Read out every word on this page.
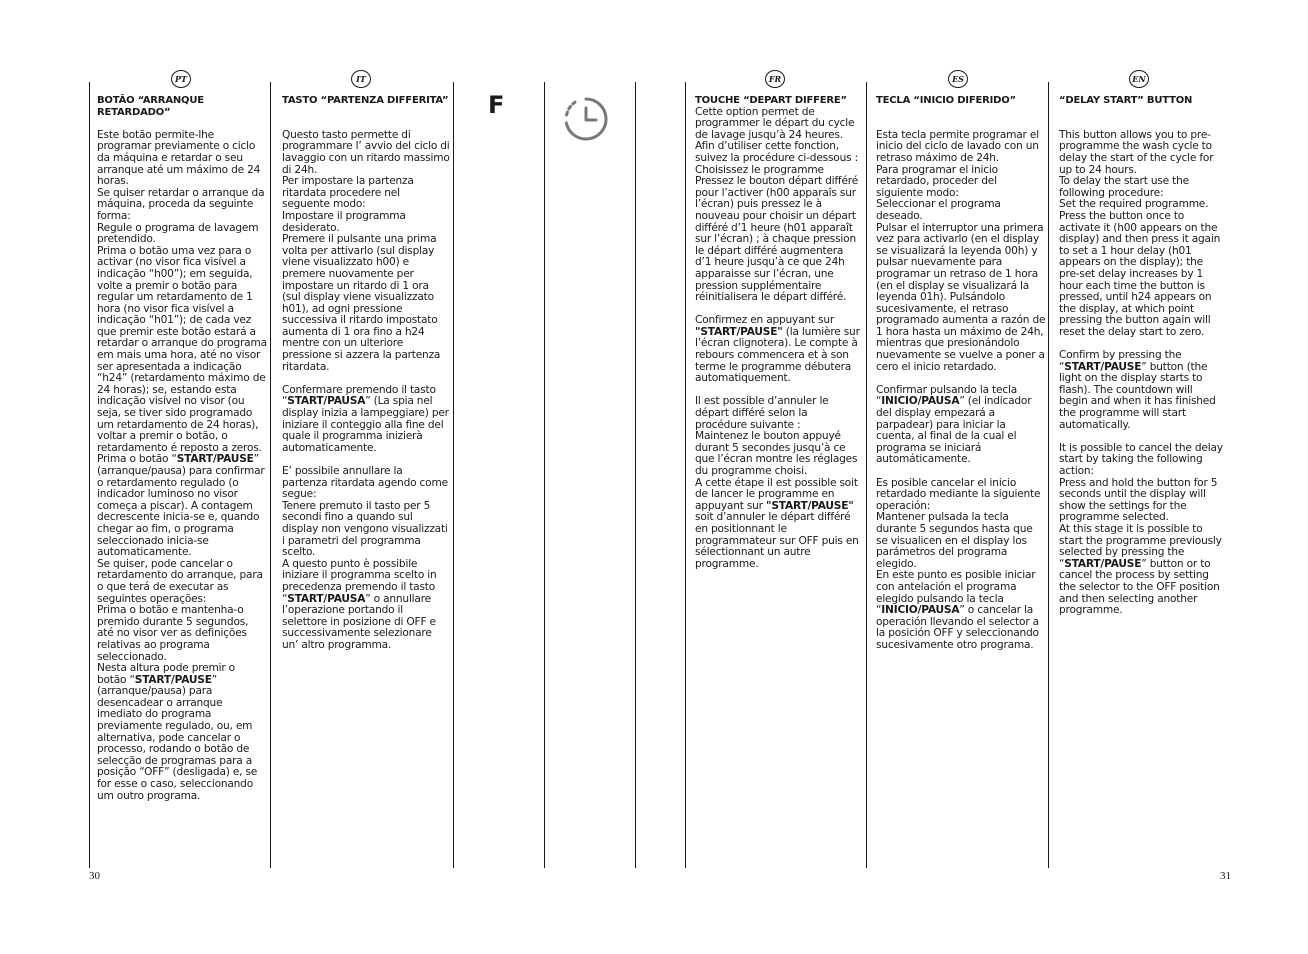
PT	IT	FR	ES	EN
F
BOTÃO “ARRANQUE RETARDADO”
Este botão permite-lhe programar previamente o ciclo da máquina e retardar o seu arranque até um máximo de 24 horas.
Se quiser retardar o arranque da máquina, proceda da seguinte forma:
Regule o programa de lavagem pretendido.
Prima o botão uma vez para o activar (no visor fica visível a indicação “h00”); em seguida, volte a premir o botão para regular um retardamento de 1 hora (no visor fica visível a indicação “h01”); de cada vez que premir este botão estará a retardar o arranque do programa em mais uma hora, até no visor ser apresentada a indicação “h24” (retardamento máximo de 24 horas); se, estando esta indicação visível no visor (ou seja, se tiver sido programado um retardamento de 24 horas), voltar a premir o botão, o retardamento é reposto a zeros.
Prima o botão “START/PAUSE” (arranque/pausa) para confirmar o retardamento regulado (o indicador luminoso no visor começa a piscar). A contagem decrescente inicia-se e, quando chegar ao fim, o programa seleccionado inicia-se automaticamente.
Se quiser, pode cancelar o retardamento do arranque, para o que terá de executar as seguintes operações:
Prima o botão e mantenha-o premido durante 5 segundos, até no visor ver as definições relativas ao programa seleccionado.
Nesta altura pode premir o botão “START/PAUSE” (arranque/pausa) para desencadear o arranque imediato do programa previamente regulado, ou, em alternativa, pode cancelar o processo, rodando o botão de selecção de programas para a posição “OFF” (desligada) e, se for esse o caso, seleccionando um outro programa.
TASTO “PARTENZA DIFFERITA”
Questo tasto permette di programmare l’ avvio del ciclo di lavaggio con un ritardo massimo di 24h.
Per impostare la partenza ritardata procedere nel seguente modo:
Impostare il programma desiderato.
Premere il pulsante una prima volta per attivarlo (sul display viene visualizzato h00) e premere nuovamente per impostare un ritardo di 1 ora (sul display viene visualizzato h01), ad ogni pressione successiva il ritardo impostato aumenta di 1 ora fino a h24 mentre con un ulteriore pressione si azzera la partenza ritardata.
Confermare premendo il tasto “START/PAUSA” (La spia nel display inizia a lampeggiare) per iniziare il conteggio alla fine del quale il programma inizierà automaticamente.
E’ possibile annullare la partenza ritardata agendo come segue:
Tenere premuto il tasto per 5 secondi fino a quando sul display non vengono visualizzati i parametri del programma scelto.
A questo punto è possibile iniziare il programma scelto in precedenza premendo il tasto “START/PAUSA” o annullare l’operazione portando il selettore in posizione di OFF e successivamente selezionare un’ altro programma.
TOUCHE “DEPART DIFFERE”
Cette option permet de programmer le départ du cycle de lavage jusqu’à 24 heures.
Afin d’utiliser cette fonction, suivez la procédure ci-dessous :
Choisissez le programme
Pressez le bouton départ différé pour l’activer (h00 apparaîs sur l’écran) puis pressez le à nouveau pour choisir un départ différé d’1 heure (h01 apparaît sur l’écran) ; à chaque pression le départ différé augmentera d’1 heure jusqu’à ce que 24h apparaisse sur l’écran, une pression supplémentaire réinitialisera le départ différé.
Confirmez en appuyant sur "START/PAUSE" (la lumière sur l’écran clignotera). Le compte à rebours commencera et à son terme le programme débutera automatiquement.
Il est possible d’annuler le départ différé selon la procédure suivante :
Maintenez le bouton appuyé durant 5 secondes jusqu’à ce que l’écran montre les réglages du programme choisi.
A cette étape il est possible soit de lancer le programme en appuyant sur "START/PAUSE" soit d’annuler le départ différé en positionnant le programmateur sur OFF puis en sélectionnant un autre programme.
TECLA “INICIO DIFERIDO”
Esta tecla permite programar el inicio del ciclo de lavado con un retraso máximo de 24h.
Para programar el inicio retardado, proceder del siguiente modo:
Seleccionar el programa deseado.
Pulsar el interruptor una primera vez para activarlo (en el display se visualizará la leyenda 00h) y pulsar nuevamente para programar un retraso de 1 hora (en el display se visualizará la leyenda 01h). Pulsándolo sucesivamente, el retraso programado aumenta a razón de 1 hora hasta un máximo de 24h, mientras que presionándolo nuevamente se vuelve a poner a cero el inicio retardado.
Confirmar pulsando la tecla “INICIO/PAUSA” (el indicador del display empezará a parpadear) para iniciar la cuenta, al final de la cual el programa se iniciará automáticamente.
Es posible cancelar el inicio retardado mediante la siguiente operación:
Mantener pulsada la tecla durante 5 segundos hasta que se visualicen en el display los parámetros del programa elegido.
En este punto es posible iniciar con antelación el programa elegido pulsando la tecla “INICIO/PAUSA” o cancelar la operación llevando el selector a la posición OFF y seleccionando sucesivamente otro programa.
“DELAY START” BUTTON
This button allows you to pre-programme the wash cycle to delay the start of the cycle for up to 24 hours.
To delay the start use the following procedure:
Set the required programme.
Press the button once to activate it (h00 appears on the display) and then press it again to set a 1 hour delay (h01 appears on the display); the pre-set delay increases by 1 hour each time the button is pressed, until h24 appears on the display, at which point pressing the button again will reset the delay start to zero.
Confirm by pressing the “START/PAUSE” button (the light on the display starts to flash). The countdown will begin and when it has finished the programme will start automatically.
It is possible to cancel the delay start by taking the following action:
Press and hold the button for 5 seconds until the display will show the settings for the programme selected.
At this stage it is possible to start the programme previously selected by pressing the “START/PAUSE” button or to cancel the process by setting the selector to the OFF position and then selecting another programme.
30	31
